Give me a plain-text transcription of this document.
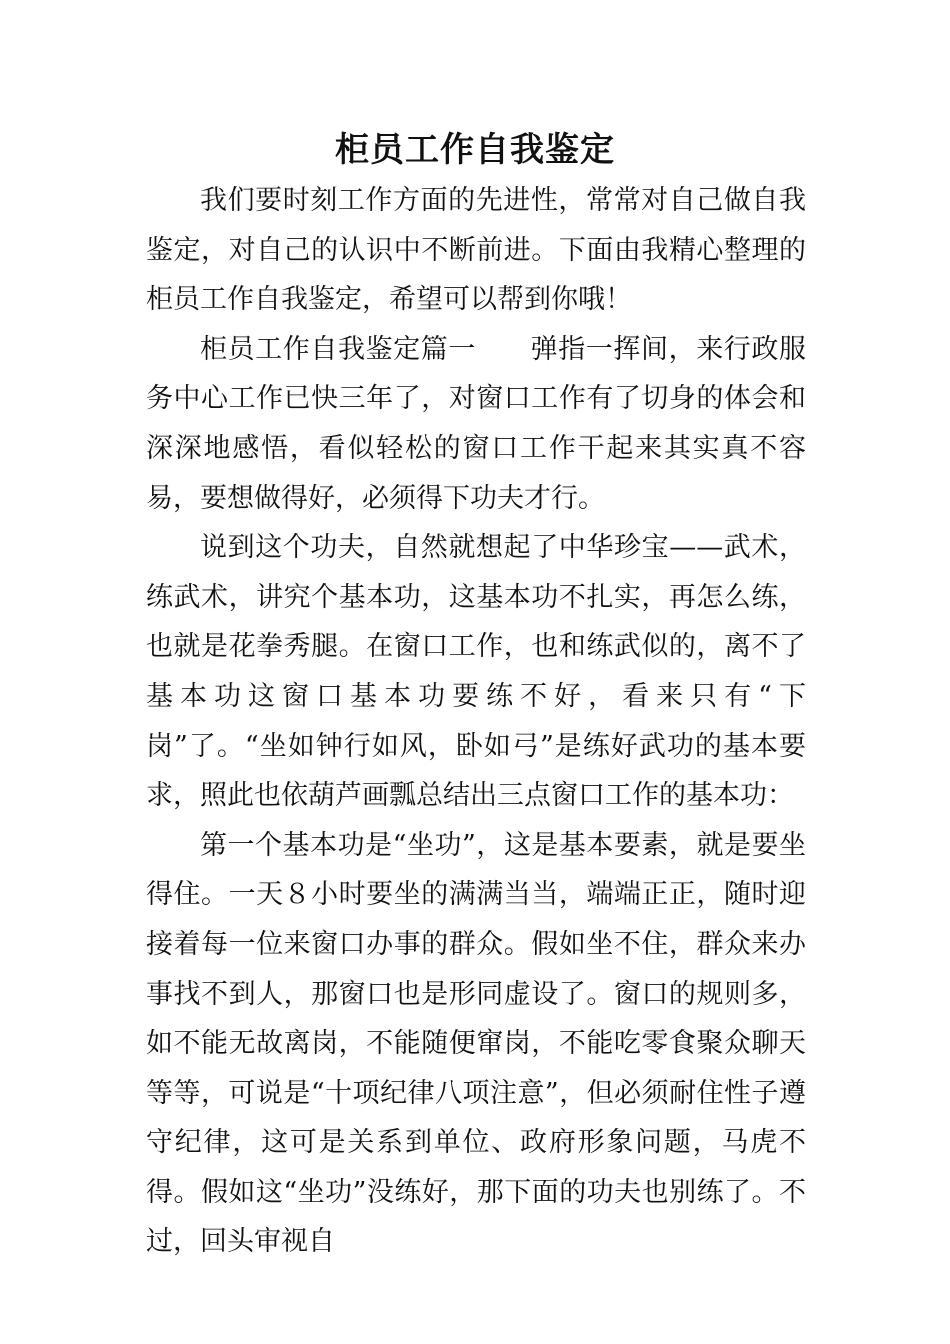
柜员工作自我鉴定

我们要时刻工作方面的先进性，常常对自己做自我鉴定，对自己的认识中不断前进。下面由我精心整理的柜员工作自我鉴定，希望可以帮到你哦！

柜员工作自我鉴定篇一 弹指一挥间，来行政服务中心工作已快三年了，对窗口工作有了切身的体会和深深地感悟，看似轻松的窗口工作干起来其实真不容易，要想做得好，必须得下功夫才行。

说到这个功夫，自然就想起了中华珍宝——武术，练武术，讲究个基本功，这基本功不扎实，再怎么练，也就是花拳秀腿。在窗口工作，也和练武似的，离不了基本功这窗口基本功要练不好，看来只有“下岗”了。“坐如钟行如风，卧如弓”是练好武功的基本要求，照此也依葫芦画瓢总结出三点窗口工作的基本功：

第一个基本功是“坐功”，这是基本要素，就是要坐得住。一天８小时要坐的满满当当，端端正正，随时迎接着每一位来窗口办事的群众。假如坐不住，群众来办事找不到人，那窗口也是形同虚设了。窗口的规则多，如不能无故离岗，不能随便窜岗，不能吃零食聚众聊天等等，可说是“十项纪律八项注意”，但必须耐住性子遵守纪律，这可是关系到单位、政府形象问题，马虎不得。假如这“坐功”没练好，那下面的功夫也别练了。不过，回头审视自
